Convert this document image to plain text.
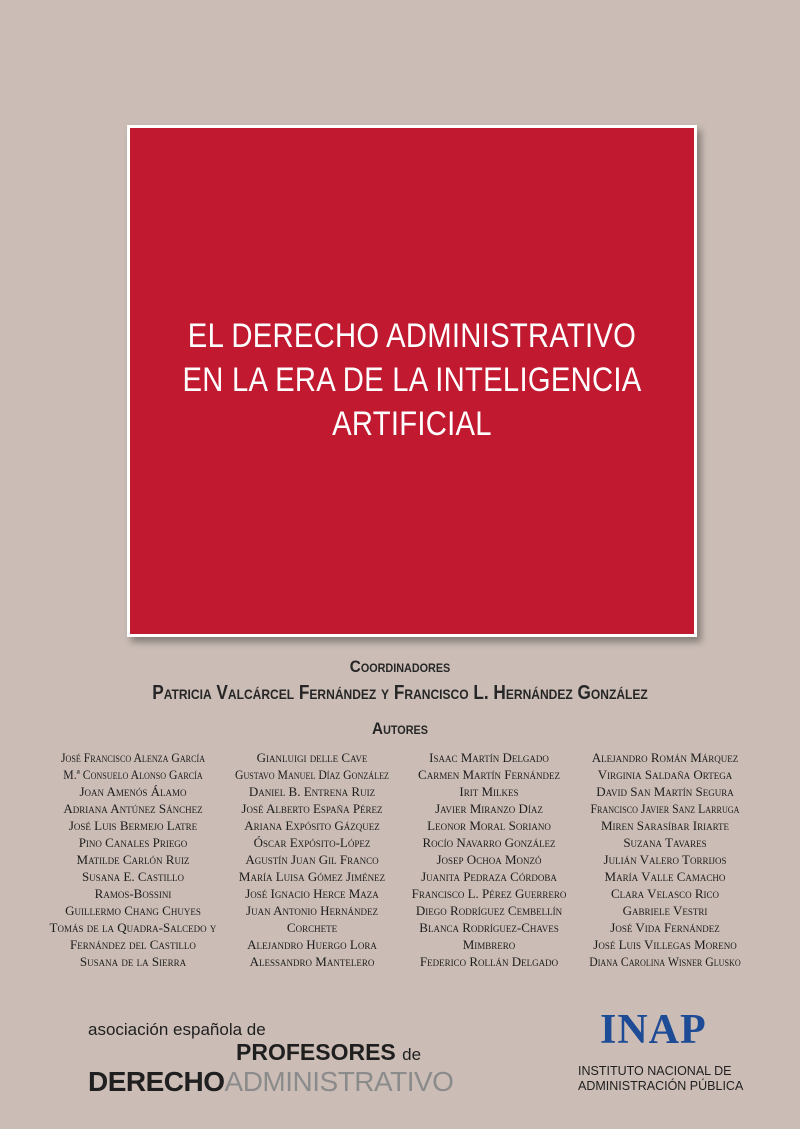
EL DERECHO ADMINISTRATIVO
EN LA ERA DE LA INTELIGENCIA
ARTIFICIAL
Coordinadores
Patricia Valcárcel Fernández y Francisco L. Hernández González
Autores
José Francisco Alenza García
M.ª Consuelo Alonso García
Joan Amenós Álamo
Adriana Antúnez Sánchez
José Luis Bermejo Latre
Pino Canales Priego
Matilde Carlón Ruiz
Susana E. Castillo Ramos-Bossini
Guillermo Chang Chuyes
Tomás de la Quadra-Salcedo y Fernández del Castillo
Susana de la Sierra
Gianluigi delle Cave
Gustavo Manuel Díaz González
Daniel B. Entrena Ruiz
José Alberto España Pérez
Ariana Expósito Gázquez
Óscar Expósito-López
Agustín Juan Gil Franco
María Luisa Gómez Jiménez
José Ignacio Herce Maza
Juan Antonio Hernández Corchete
Alejandro Huergo Lora
Alessandro Mantelero
Isaac Martín Delgado
Carmen Martín Fernández
Irit Milkes
Javier Miranzo Díaz
Leonor Moral Soriano
Rocío Navarro González
Josep Ochoa Monzó
Juanita Pedraza Córdoba
Francisco L. Pérez Guerrero
Diego Rodríguez Cembellín
Blanca Rodríguez-Chaves Mimbrero
Federico Rollán Delgado
Alejandro Román Márquez
Virginia Saldaña Ortega
David San Martín Segura
Francisco Javier Sanz Larruga
Miren Sarasíbar Iriarte
Suzana Tavares
Julián Valero Torrijos
María Valle Camacho
Clara Velasco Rico
Gabriele Vestri
José Vida Fernández
José Luis Villegas Moreno
Diana Carolina Wisner Glusko
asociación española de
PROFESORES de
DERECHOADMINISTRATIVO
INAP
INSTITUTO NACIONAL DE
ADMINISTRACIÓN PÚBLICA
